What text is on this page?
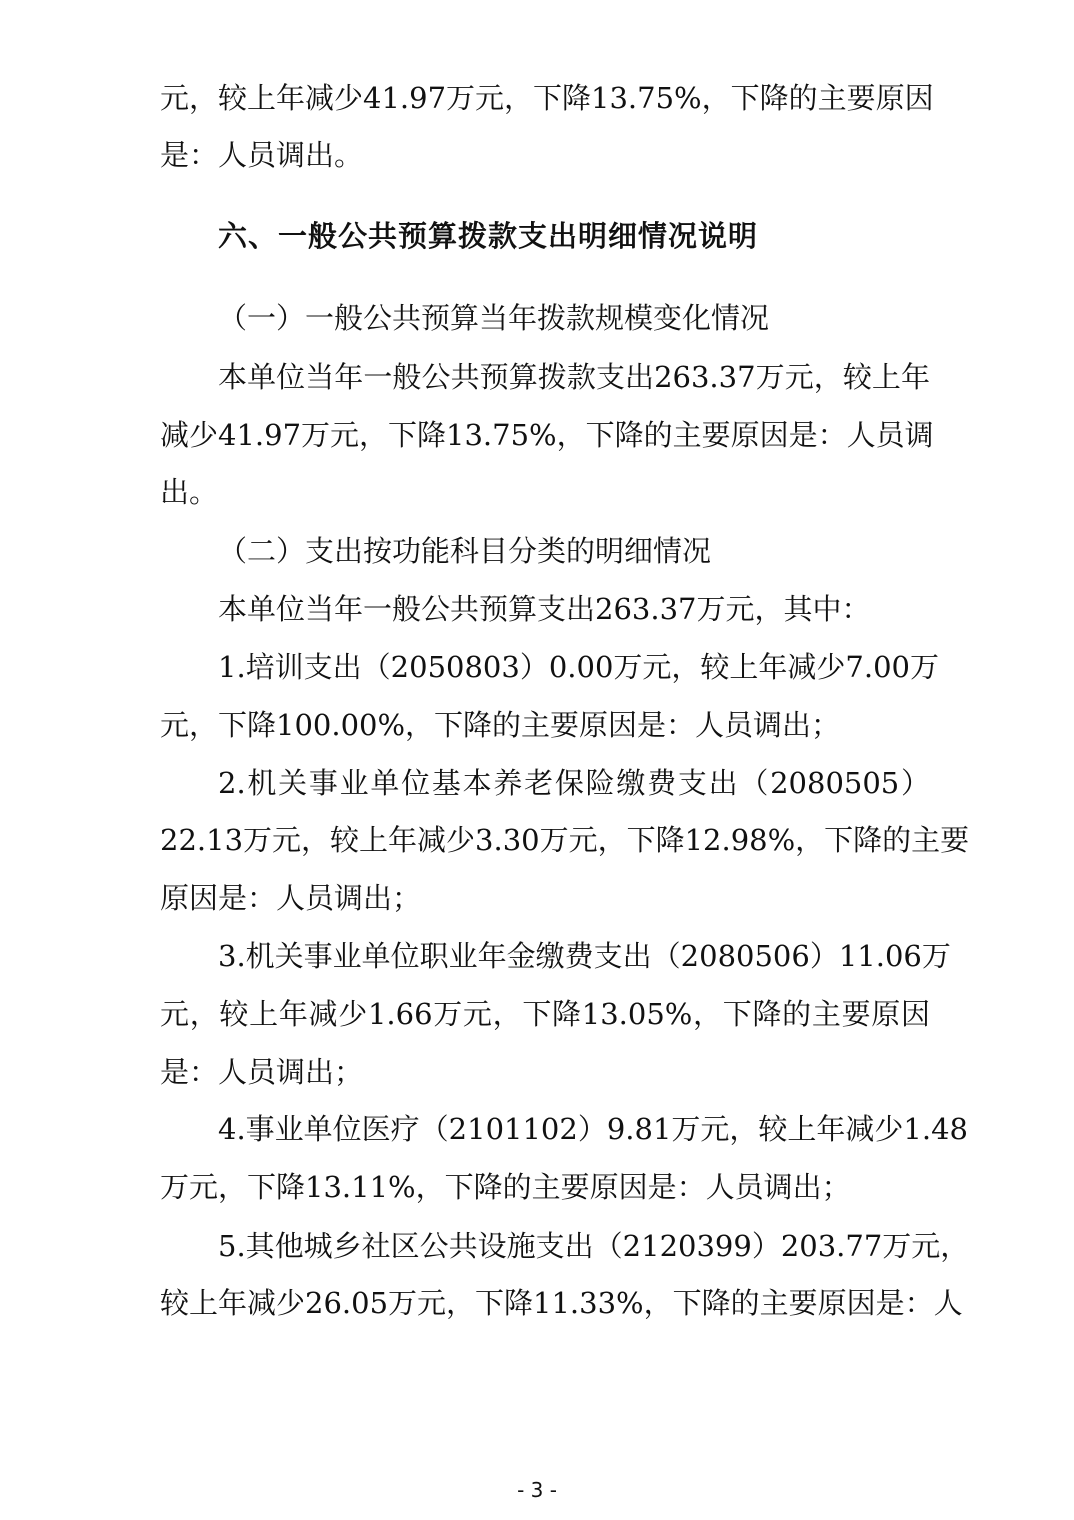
元，较上年减少41.97万元，下降13.75%，下降的主要原因
是：人员调出。
六、一般公共预算拨款支出明细情况说明
（一）一般公共预算当年拨款规模变化情况
本单位当年一般公共预算拨款支出263.37万元，较上年
减少41.97万元，下降13.75%，下降的主要原因是：人员调
出。
（二）支出按功能科目分类的明细情况
本单位当年一般公共预算支出263.37万元，其中：
1.培训支出（2050803）0.00万元，较上年减少7.00万
元，下降100.00%，下降的主要原因是：人员调出；
2.机关事业单位基本养老保险缴费支出（2080505）
22.13万元，较上年减少3.30万元，下降12.98%，下降的主要
原因是：人员调出；
3.机关事业单位职业年金缴费支出（2080506）11.06万
元，较上年减少1.66万元，下降13.05%，下降的主要原因
是：人员调出；
4.事业单位医疗（2101102）9.81万元，较上年减少1.48
万元，下降13.11%，下降的主要原因是：人员调出；
5.其他城乡社区公共设施支出（2120399）203.77万元，
较上年减少26.05万元，下降11.33%，下降的主要原因是：人
- 3 -
